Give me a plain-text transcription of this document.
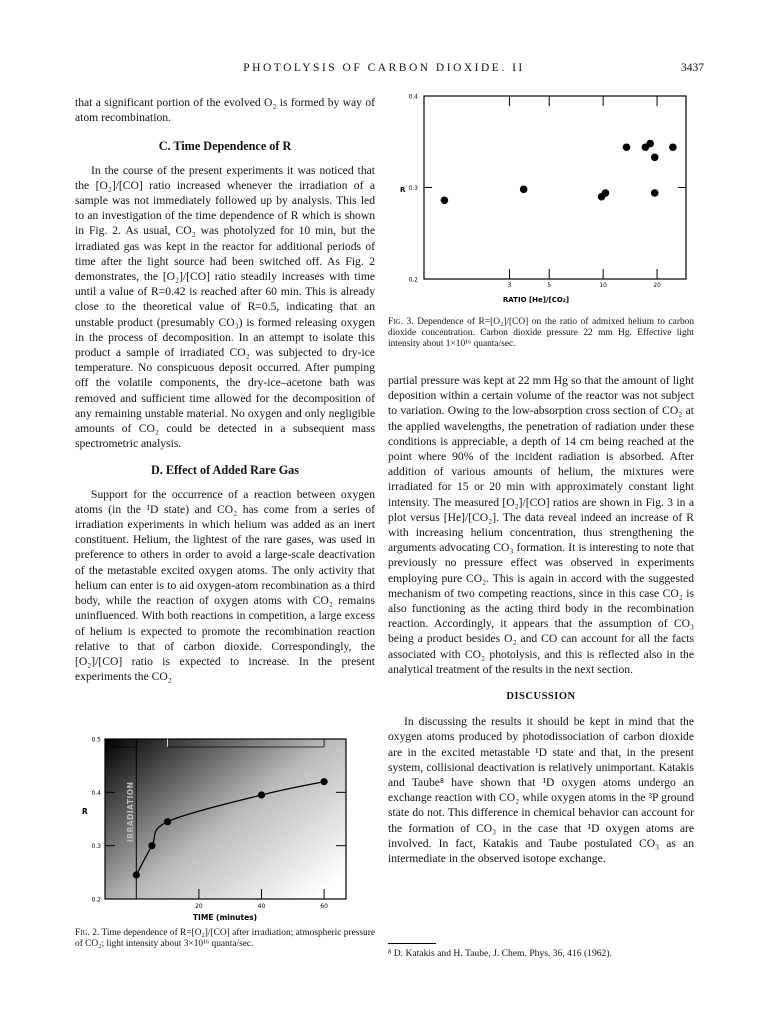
PHOTOLYSIS OF CARBON DIOXIDE. II	3437

that a significant portion of the evolved O₂ is formed by way of atom recombination.

C. Time Dependence of R

In the course of the present experiments it was noticed that the [O₂]/[CO] ratio increased whenever the irradiation of a sample was not immediately followed up by analysis. This led to an investigation of the time dependence of R which is shown in Fig. 2. As usual, CO₂ was photolyzed for 10 min, but the irradiated gas was kept in the reactor for additional periods of time after the light source had been switched off. As Fig. 2 demonstrates, the [O₂]/[CO] ratio steadily increases with time until a value of R=0.42 is reached after 60 min. This is already close to the theoretical value of R=0.5, indicating that an unstable product (presumably CO₃) is formed releasing oxygen in the process of decomposition. In an attempt to isolate this product a sample of irradiated CO₂ was subjected to dry-ice temperature. No conspicuous deposit occurred. After pumping off the volatile components, the dry-ice–acetone bath was removed and sufficient time allowed for the decomposition of any remaining unstable material. No oxygen and only negligible amounts of CO₂ could be detected in a subsequent mass spectrometric analysis.

D. Effect of Added Rare Gas

Support for the occurrence of a reaction between oxygen atoms (in the ¹D state) and CO₂ has come from a series of irradiation experiments in which helium was added as an inert constituent. Helium, the lightest of the rare gases, was used in preference to others in order to avoid a large-scale deactivation of the metastable excited oxygen atoms. The only activity that helium can enter is to aid oxygen-atom recombination as a third body, while the reaction of oxygen atoms with CO₂ remains uninfluenced. With both reactions in competition, a large excess of helium is expected to promote the recombination reaction relative to that of carbon dioxide. Correspondingly, the [O₂]/[CO] ratio is expected to increase. In the present experiments the CO₂

0.2
0.3
0.4
0.5
20	40	60
IRRADIATION
R
TIME (minutes)
Fig. 2. Time dependence of R=[O₂]/[CO] after irradiation; atmospheric pressure of CO₂; light intensity about 3×10¹⁶ quanta/sec.
0.2
0.3
0.4
3	5	10	20
R
RATIO [He]/[CO₂]
Fig. 3. Dependence of R=[O₂]/[CO] on the ratio of admixed helium to carbon dioxide concentration. Carbon dioxide pressure 22 mm Hg. Effective light intensity about 1×10¹⁶ quanta/sec.

partial pressure was kept at 22 mm Hg so that the amount of light deposition within a certain volume of the reactor was not subject to variation. Owing to the low-absorption cross section of CO₂ at the applied wavelengths, the penetration of radiation under these conditions is appreciable, a depth of 14 cm being reached at the point where 90% of the incident radiation is absorbed. After addition of various amounts of helium, the mixtures were irradiated for 15 or 20 min with approximately constant light intensity. The measured [O₂]/[CO] ratios are shown in Fig. 3 in a plot versus [He]/[CO₂]. The data reveal indeed an increase of R with increasing helium concentration, thus strengthening the arguments advocating CO₃ formation. It is interesting to note that previously no pressure effect was observed in experiments employing pure CO₂. This is again in accord with the suggested mechanism of two competing reactions, since in this case CO₂ is also functioning as the acting third body in the recombination reaction. Accordingly, it appears that the assumption of CO₃ being a product besides O₂ and CO can account for all the facts associated with CO₂ photolysis, and this is reflected also in the analytical treatment of the results in the next section.

DISCUSSION

In discussing the results it should be kept in mind that the oxygen atoms produced by photodissociation of carbon dioxide are in the excited metastable ¹D state and that, in the present system, collisional deactivation is relatively unimportant. Katakis and Taube⁸ have shown that ¹D oxygen atoms undergo an exchange reaction with CO₂ while oxygen atoms in the ³P ground state do not. This difference in chemical behavior can account for the formation of CO₃ in the case that ¹D oxygen atoms are involved. In fact, Katakis and Taube postulated CO₃ as an intermediate in the observed isotope exchange.

⁸ D. Katakis and H. Taube, J. Chem. Phys. 36, 416 (1962).
